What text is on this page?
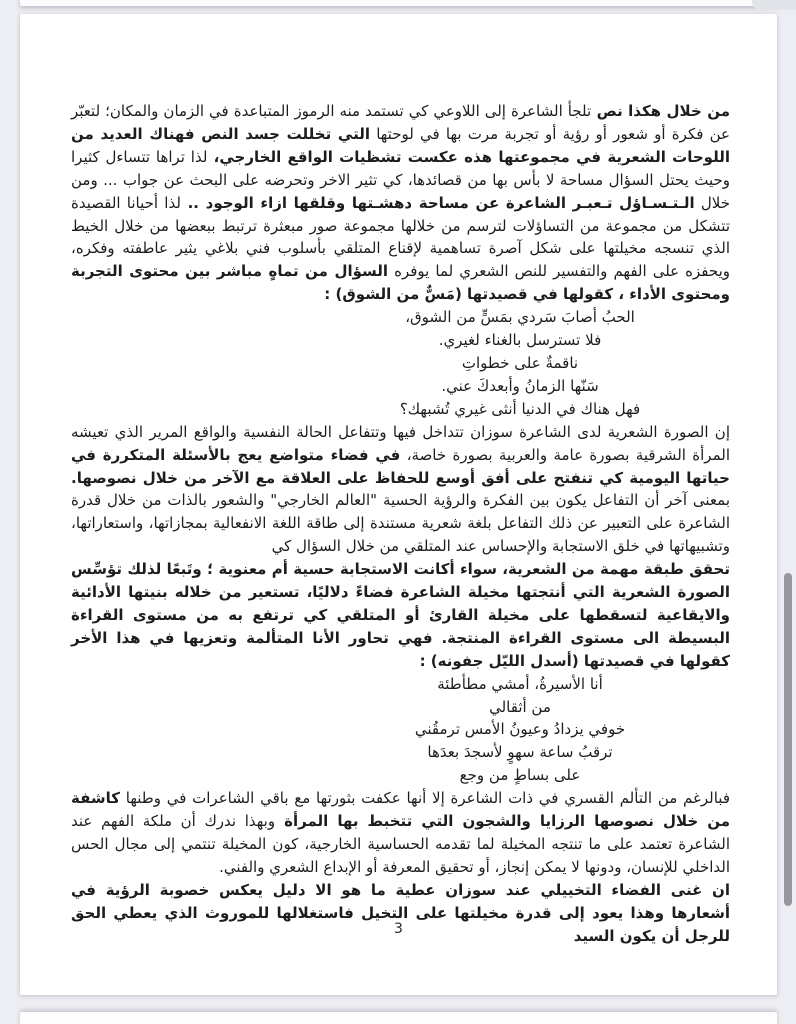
من خلال هكذا نص تلجأ الشاعرة إلى اللاوعي كي تستمد منه الرموز المتباعدة في الزمان والمكان؛ لتعبّر عن فكرة أو شعور أو رؤية أو تجربة مرت بها في لوحتها التي تخللت جسد النص فهناك العديد من اللوحات الشعرية في مجموعتها هذه عكست تشظيات الواقع الخارجي، لذا تراها تتساءل كثيرا وحيث يحتل السؤال مساحة لا بأس بها من قصائدها، كي تثير الاخر وتحرضه على البحث عن جواب ... ومن خلال الـتـسـاؤل تـعبـر الشاعرة عن مساحة دهشـتها وقلقها ازاء الوجود .. لذا أحيانا القصيدة تتشكل من مجموعة من التساؤلات لترسم من خلالها مجموعة صور مبعثرة ترتبط ببعضها من خلال الخيط الذي تنسجه مخيلتها على شكل آصرة تساهمية لإقناع المتلقي بأسلوب فني بلاغي يثير عاطفته وفكره، ويحفزه على الفهم والتفسير للنص الشعري لما يوفره السؤال من تماهٍ مباشر بين محتوى التجربة ومحتوى الأداء ، كقولها في قصيدتها (مَسٌّ من الشوق) :
الحبُ أصابَ سَردي بمَسٍّ من الشوق،
فلا تسترسل بالغناء لغيري.
ناقمةٌ على خطواتِ
سَنّها الزمانُ وأبعدكَ عني.
فهل هناك في الدنيا أنثى غيري تُشبهك؟
إن الصورة الشعرية لدى الشاعرة سوزان تتداخل فيها وتتفاعل الحالة النفسية والواقع المرير الذي تعيشه المرأة الشرقية بصورة عامة والعربية بصورة خاصة، في فضاء متواضع يعج بالأسئلة المتكررة في حياتها اليومية كي تنفتح على أفق أوسع للحفاظ على العلاقة مع الآخر من خلال نصوصها. بمعنى آخر أن التفاعل يكون بين الفكرة والرؤية الحسية "العالم الخارجي" والشعور بالذات من خلال قدرة الشاعرة على التعبير عن ذلك التفاعل بلغة شعرية مستندة إلى طاقة اللغة الانفعالية بمجازاتها، واستعاراتها، وتشبيهاتها في خلق الاستجابة والإحساس عند المتلقي من خلال السؤال كي
تحقق طبقة مهمة من الشعرية، سواء أكانت الاستجابة حسية أم معنوية ؛ وتَبعًا لذلك تؤسِّس الصورة الشعرية التي أنتجتها مخيلة الشاعرة فضاءً دلاليًا، تستعير من خلاله بنيتها الأدائية والايقاعية لتسقطها على مخيلة القارئ أو المتلقي كي ترتفع به من مستوى القراءة البسيطة الى مستوى القراءة المنتجة. فهي تحاور الأنا المتألمة وتعزيها في هذا الأخر كقولها في قصيدتها (أسدل الليّل جفونه) :
أنا الأسيرةُ، أمشي مطأطئة
من أثقالي
خوفي يزدادُ وعيونُ الأمس ترمقُني
ترقبُ ساعة سهوٍ لأسجدَ بعدَها
على بساطٍ من وجع
فبالرغم من التألم القسري في ذات الشاعرة إلا أنها عكفت بثورتها مع باقي الشاعرات في وطنها كاشفة من خلال نصوصها الرزايا والشجون التي تتخبط بها المرأة وبهذا ندرك أن ملكة الفهم عند الشاعرة تعتمد على ما تنتجه المخيلة لما تقدمه الحساسية الخارجية، كون المخيلة تنتمي إلى مجال الحس الداخلي للإنسان، ودونها لا يمكن إنجاز، أو تحقيق المعرفة أو الإبداع الشعري والفني.
ان غنى الفضاء التخييلي عند سوزان عطية ما هو الا دليل يعكس خصوبة الرؤية في أشعارها وهذا يعود إلى قدرة مخيلتها على التخيل فاستغلالها للموروث الذي يعطي الحق للرجل أن يكون السيد
3
